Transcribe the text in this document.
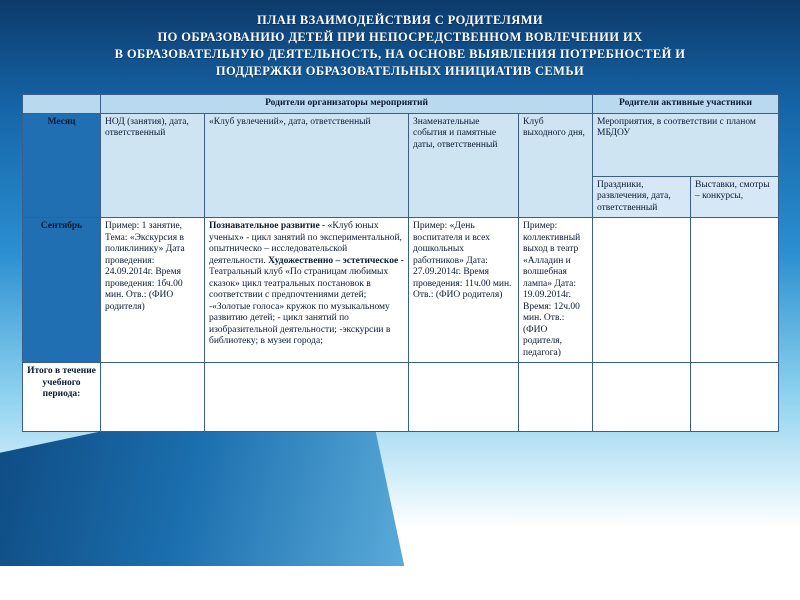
ПЛАН ВЗАИМОДЕЙСТВИЯ С РОДИТЕЛЯМИ
ПО ОБРАЗОВАНИЮ ДЕТЕЙ ПРИ НЕПОСРЕДСТВЕННОМ ВОВЛЕЧЕНИИ ИХ
В ОБРАЗОВАТЕЛЬНУЮ ДЕЯТЕЛЬНОСТЬ, НА ОСНОВЕ ВЫЯВЛЕНИЯ ПОТРЕБНОСТЕЙ И
ПОДДЕРЖКИ ОБРАЗОВАТЕЛЬНЫХ ИНИЦИАТИВ СЕМЬИ
	Родители организаторы мероприятий				Родители активные участники	
Месяц	НОД (занятия), дата, ответственный	«Клуб увлечений», дата, ответственный	Знаменательные события и памятные даты, ответственный	Клуб выходного дня,	Мероприятия, в соответствии с планом МБДОУ	
					Праздники, развлечения, дата, ответственный	Выставки, смотры – конкурсы,
Сентябрь	Пример: 1 занятие, Тема: «Экскурсия в поликлинику» Дата проведения: 24.09.2014г. Время проведения: 1бч.00 мин. Отв.: (ФИО родителя)	Познавательное развитие - «Клуб юных ученых» - цикл занятий по экспериментальной, опытническо – исследовательской деятельности. Художественно – эстетическое - Театральный клуб «По страницам любимых сказок» цикл театральных постановок в соответствии с предпочтениями детей; -«Золотые голоса» кружок по музыкальному развитию детей; - цикл занятий по изобразительной деятельности; -экскурсии в библиотеку; в музеи города;	Пример: «День воспитателя и всех дошкольных работников» Дата: 27.09.2014г. Время проведения: 11ч.00 мин. Отв.: (ФИО родителя)	Пример: коллективный выход в театр «Алладин и волшебная лампа» Дата: 19.09.2014г. Время: 12ч.00 мин. Отв.: (ФИО родителя, педагога)		
Итого в течение учебного периода:						
